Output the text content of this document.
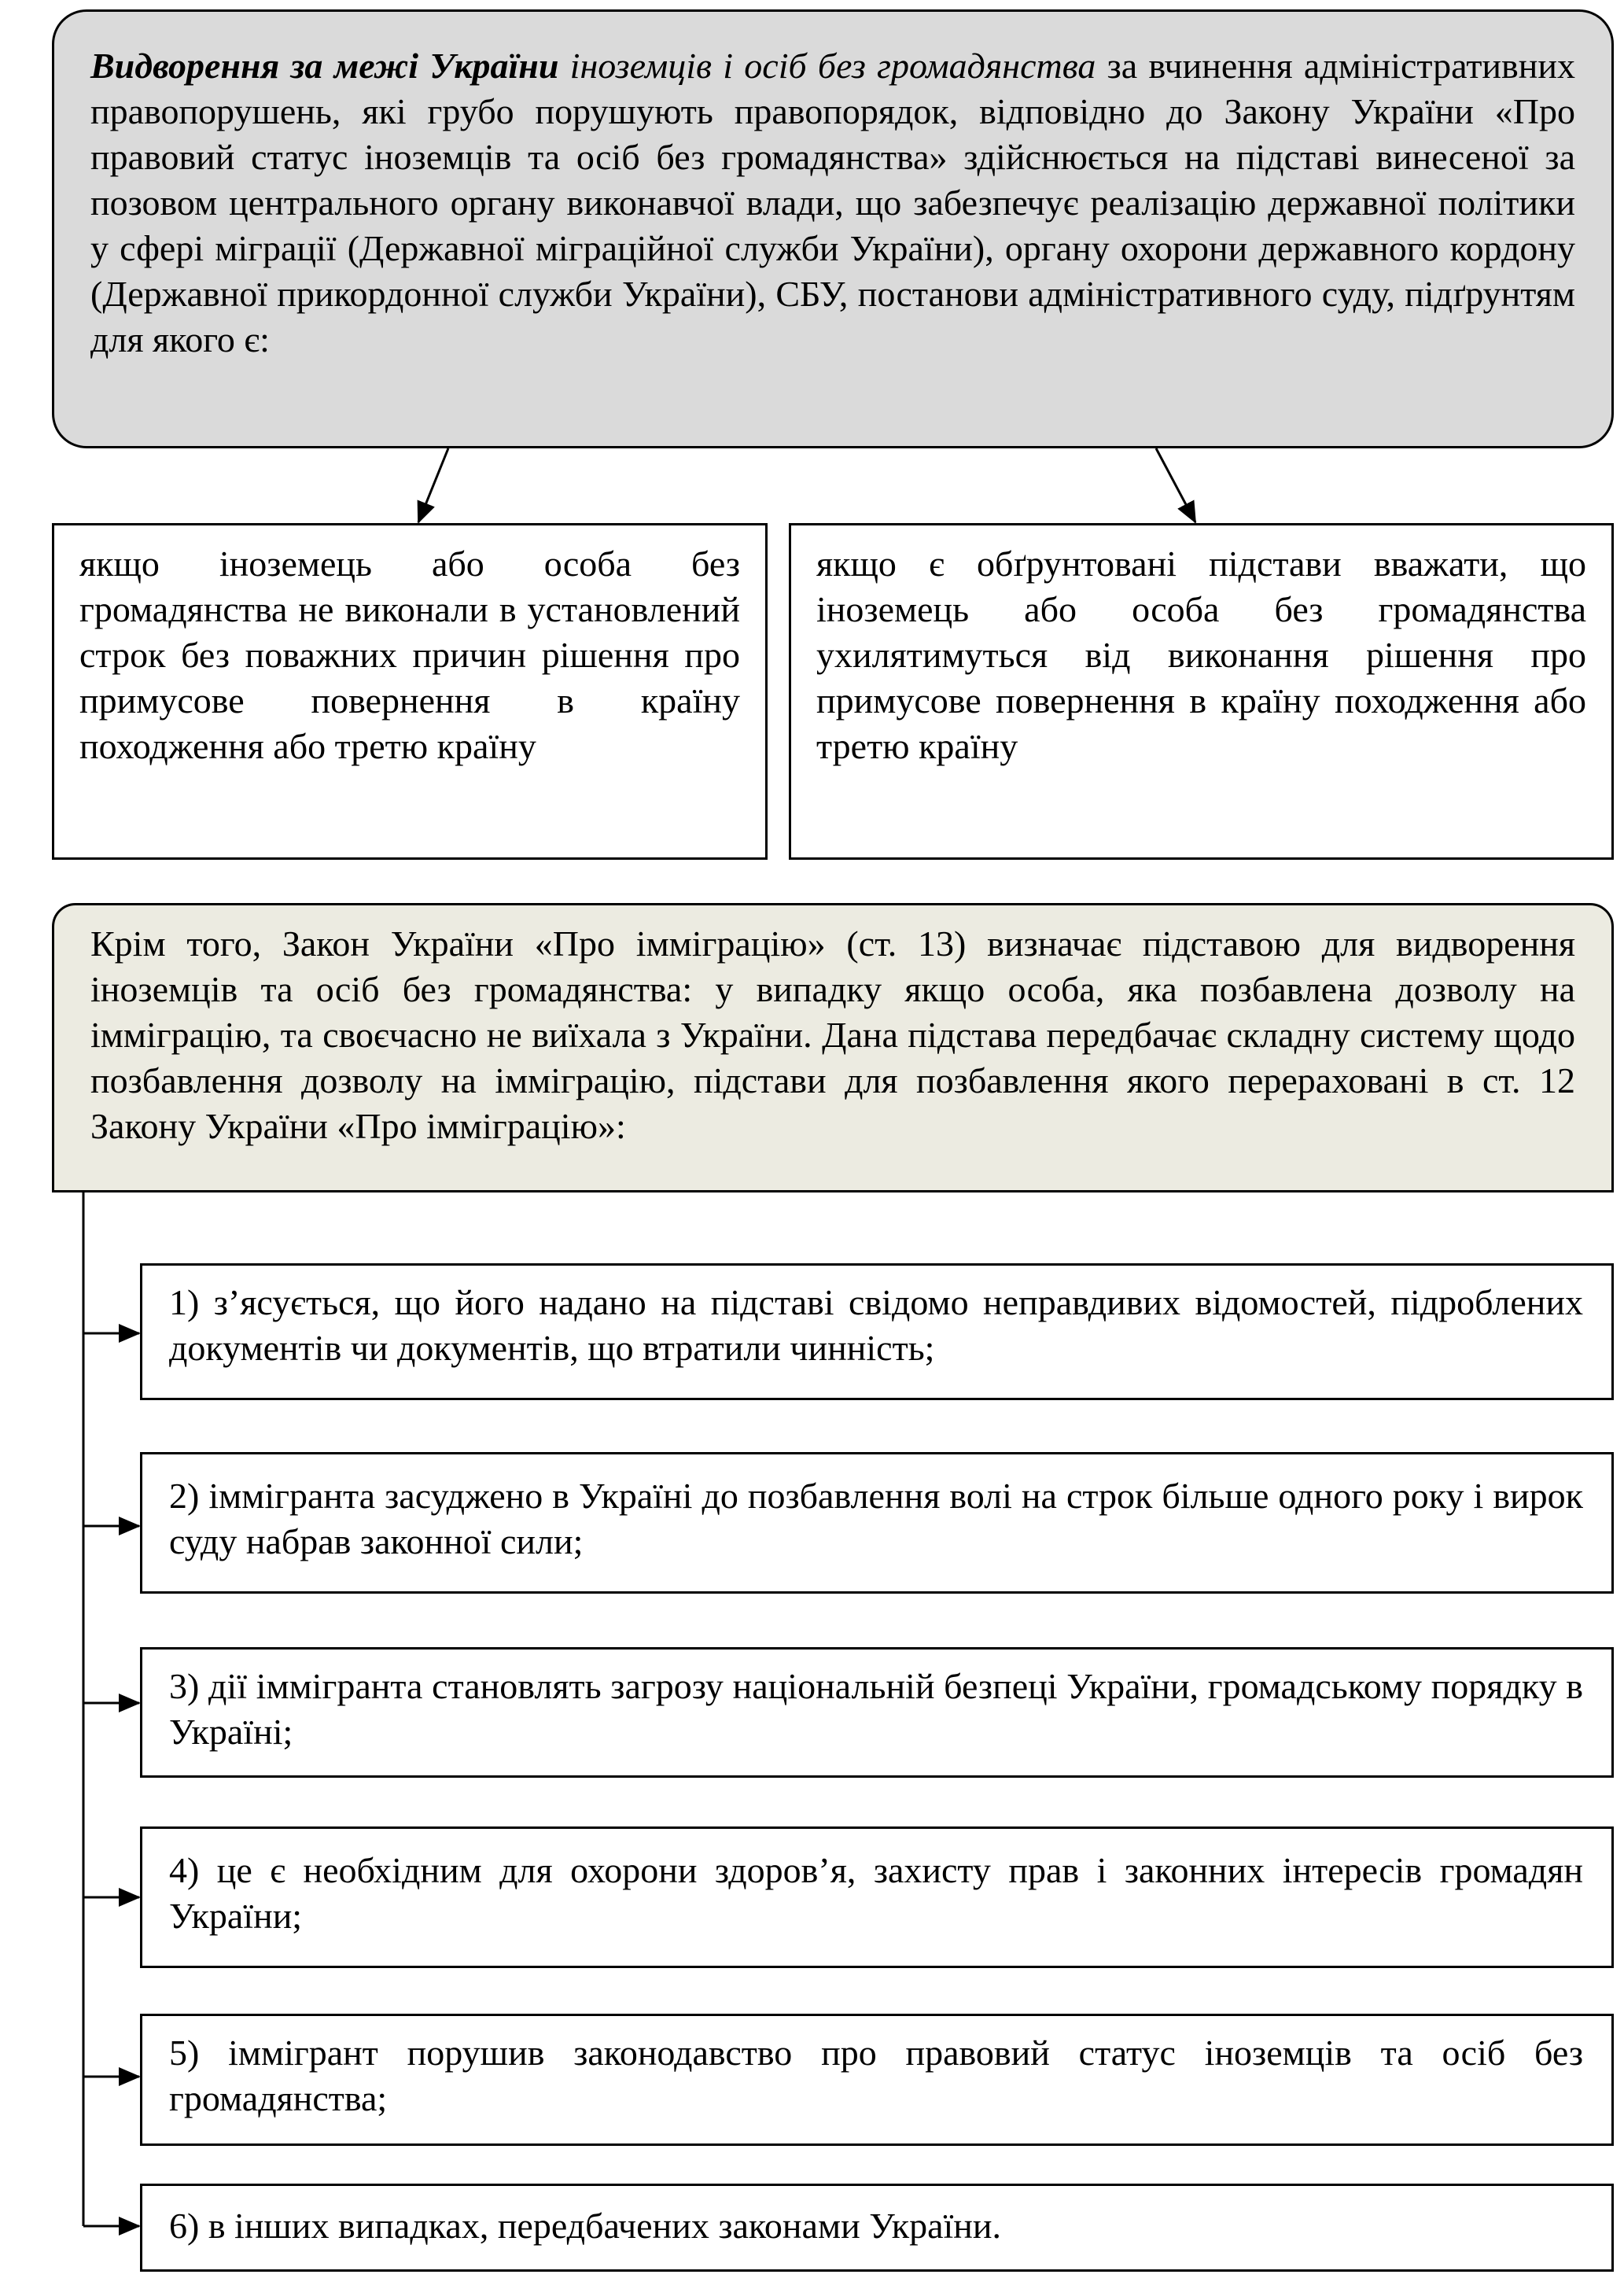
Видворення за межі України іноземців і осіб без громадянства за вчинення адміністративних правопорушень, які грубо порушують правопорядок, відповідно до Закону України «Про правовий статус іноземців та осіб без громадянства» здійснюється на підставі винесеної за позовом центрального органу виконавчої влади, що забезпечує реалізацію державної політики у сфері міграції (Державної міграційної служби України), органу охорони державного кордону (Державної прикордонної служби України), СБУ, постанови адміністративного суду, підґрунтям для якого є:
якщо іноземець або особа без громадянства не виконали в установлений строк без поважних причин рішення про примусове повернення в країну походження або третю країну
якщо є обґрунтовані підстави вважати, що іноземець або особа без громадянства ухилятимуться від виконання рішення про примусове повернення в країну походження або третю країну
Крім того, Закон України «Про імміграцію» (ст. 13) визначає підставою для видворення іноземців та осіб без громадянства: у випадку якщо особа, яка позбавлена дозволу на імміграцію, та своєчасно не виїхала з України. Дана підстава передбачає складну систему щодо позбавлення дозволу на імміграцію, підстави для позбавлення якого перераховані в ст. 12 Закону України «Про імміграцію»:
1) з’ясується, що його надано на підставі свідомо неправдивих відомостей, підроблених документів чи документів, що втратили чинність;
2) іммігранта засуджено в Україні до позбавлення волі на строк більше одного року і вирок суду набрав законної сили;
3) дії іммігранта становлять загрозу національній безпеці України, громадському порядку в Україні;
4) це є необхідним для охорони здоров’я, захисту прав і законних інтересів громадян України;
5) іммігрант порушив законодавство про правовий статус іноземців та осіб без громадянства;
6) в інших випадках, передбачених законами України.
